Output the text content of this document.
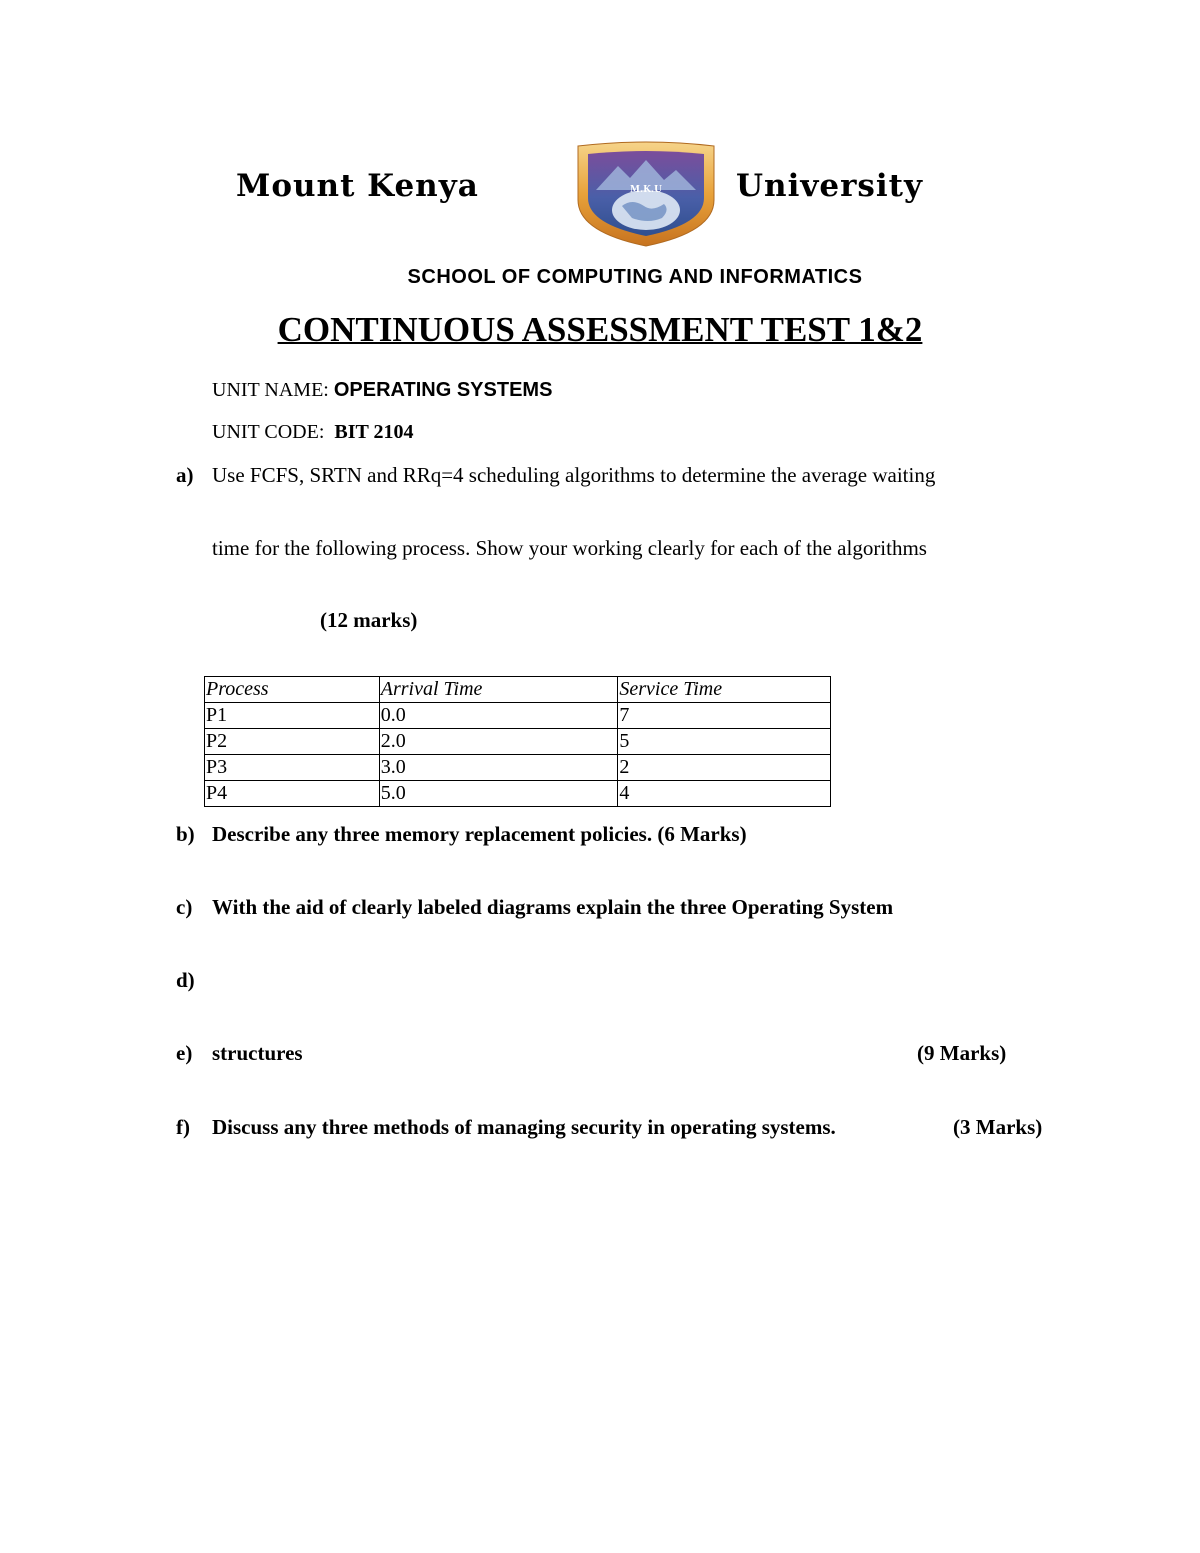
Mount Kenya	M.K.U University
SCHOOL OF COMPUTING AND INFORMATICS
CONTINUOUS ASSESSMENT TEST 1&2
UNIT NAME: OPERATING SYSTEMS
UNIT CODE: BIT 2104
a) Use FCFS, SRTN and RRq=4 scheduling algorithms to determine the average waiting
time for the following process. Show your working clearly for each of the algorithms
(12 marks)
Process	Arrival Time	Service Time
P1	0.0	7
P2	2.0	5
P3	3.0	2
P4	5.0	4
b) Describe any three memory replacement policies. (6 Marks)
c) With the aid of clearly labeled diagrams explain the three Operating System
d)
e) structures	(9 Marks)
f) Discuss any three methods of managing security in operating systems.	(3 Marks)
